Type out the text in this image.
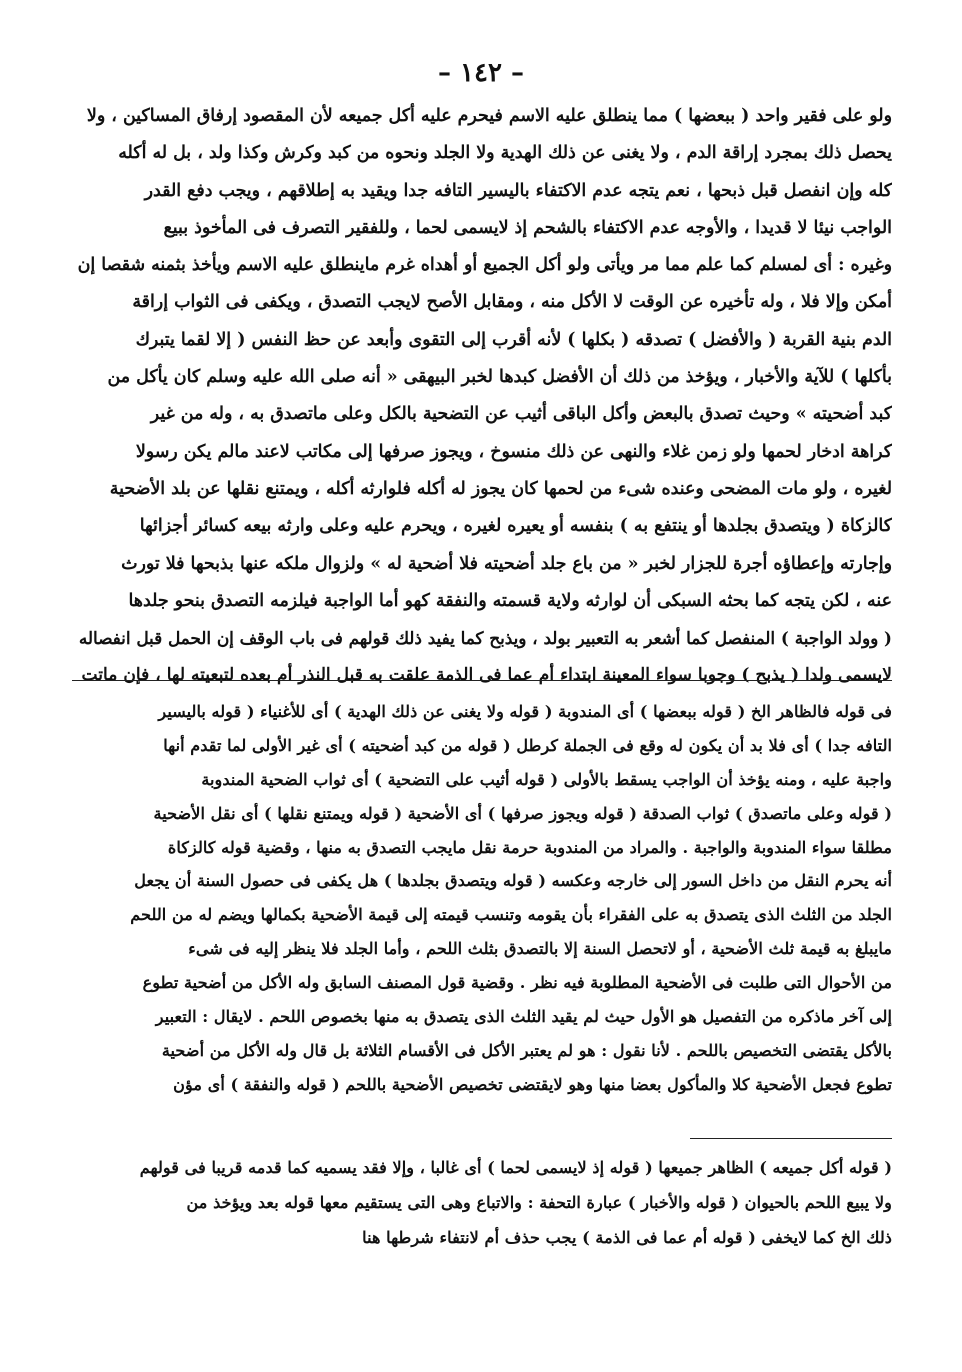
– ١٤٢ –
ولو على فقير واحد ( ببعضها ) مما ينطلق عليه الاسم فيحرم عليه أكل جميعه لأن المقصود إرفاق المساكين ، ولا
يحصل ذلك بمجرد إراقة الدم ، ولا يغنى عن ذلك الهدية ولا الجلد ونحوه من كبد وكرش وكذا ولد ، بل له أكله
كله وإن انفصل قبل ذبحها ، نعم يتجه عدم الاكتفاء باليسير التافه جدا ويقيد به إطلاقهم ، ويجب دفع القدر
الواجب نيئا لا قديدا ، والأوجه عدم الاكتفاء بالشحم إذ لايسمى لحما ، وللفقير التصرف فى المأخوذ ببيع
وغيره : أى لمسلم كما علم مما مر ويأتى ولو أكل الجميع أو أهداه غرم ماينطلق عليه الاسم ويأخذ بثمنه شقصا إن
أمكن وإلا فلا ، وله تأخيره عن الوقت لا الأكل منه ، ومقابل الأصح لايجب التصدق ، ويكفى فى الثواب إراقة
الدم بنية القربة ( والأفضل ) تصدقه ( بكلها ) لأنه أقرب إلى التقوى وأبعد عن حظ النفس ( إلا لقما يتبرك
بأكلها ) للآية والأخبار ، ويؤخذ من ذلك أن الأفضل كبدها لخبر البيهقى « أنه صلى الله عليه وسلم كان يأكل من
كبد أضحيته » وحيث تصدق بالبعض وأكل الباقى أثيب عن التضحية بالكل وعلى ماتصدق به ، وله من غير
كراهة ادخار لحمها ولو زمن غلاء والنهى عن ذلك منسوخ ، ويجوز صرفها إلى مكاتب لاعند مالم يكن رسولا
لغيره ، ولو مات المضحى وعنده شىء من لحمها كان يجوز له أكله فلوارثه أكله ، ويمتنع نقلها عن بلد الأضحية
كالزكاة ( ويتصدق بجلدها أو ينتفع به ) بنفسه أو يعيره لغيره ، ويحرم عليه وعلى وارثه بيعه كسائر أجزائها
وإجارته وإعطاؤه أجرة للجزار لخبر « من باع جلد أضحيته فلا أضحية له » ولزوال ملكه عنها بذبحها فلا تورث
عنه ، لكن يتجه كما بحثه السبكى أن لوارثه ولاية قسمته والنفقة كهو أما الواجبة فيلزمه التصدق بنحو جلدها
( وولد الواجبة ) المنفصل كما أشعر به التعبير بولد ، ويذبح كما يفيد ذلك قولهم فى باب الوقف إن الحمل قبل انفصاله
لايسمى ولدا ( يذبح ) وجوبا سواء المعينة ابتداء أم عما فى الذمة علقت به قبل النذر أم بعده لتبعيته لها ، فإن ماتت
فى قوله فالظاهر الخ ( قوله ببعضها ) أى المندوبة ( قوله ولا يغنى عن ذلك الهدية ) أى للأغنياء ( قوله باليسير
التافه جدا ) أى فلا بد أن يكون له وقع فى الجملة كرطل ( قوله من كبد أضحيته ) أى غير الأولى لما تقدم أنها
واجبة عليه ، ومنه يؤخذ أن الواجب يسقط بالأولى ( قوله أثيب على التضحية ) أى ثواب الضحية المندوبة
( قوله وعلى ماتصدق ) ثواب الصدقة ( قوله ويجوز صرفها ) أى الأضحية ( قوله ويمتنع نقلها ) أى نقل الأضحية
مطلقا سواء المندوبة والواجبة . والمراد من المندوبة حرمة نقل مايجب التصدق به منها ، وقضية قوله كالزكاة
أنه يحرم النقل من داخل السور إلى خارجه وعكسه ( قوله ويتصدق بجلدها ) هل يكفى فى حصول السنة أن يجعل
الجلد من الثلث الذى يتصدق به على الفقراء بأن يقومه وتنسب قيمته إلى قيمة الأضحية بكمالها ويضم له من اللحم
مايبلغ به قيمة ثلث الأضحية ، أو لاتحصل السنة إلا بالتصدق بثلث اللحم ، وأما الجلد فلا ينظر إليه فى شىء
من الأحوال التى طلبت فى الأضحية المطلوبة فيه نظر . وقضية قول المصنف السابق وله الأكل من أضحية تطوع
إلى آخر ماذكره من التفصيل هو الأول حيث لم يقيد الثلث الذى يتصدق به منها بخصوص اللحم . لايقال : التعبير
بالأكل يقتضى التخصيص باللحم . لأنا نقول : هو لم يعتبر الأكل فى الأقسام الثلاثة بل قال وله الأكل من أضحية
تطوع فجعل الأضحية كلا والمأكول بعضا منها وهو لايقتضى تخصيص الأضحية باللحم ( قوله والنفقة ) أى مؤن
( قوله أكل جميعه ) الظاهر جميعها ( قوله إذ لايسمى لحما ) أى غالبا ، وإلا فقد يسميه كما قدمه قريبا فى قولهم
ولا يبيع اللحم بالحيوان ( قوله والأخبار ) عبارة التحفة : والاتباع وهى التى يستقيم معها قوله بعد ويؤخذ من
ذلك الخ كما لايخفى ( قوله أم عما فى الذمة ) يجب حذف أم لانتفاء شرطها هنا
